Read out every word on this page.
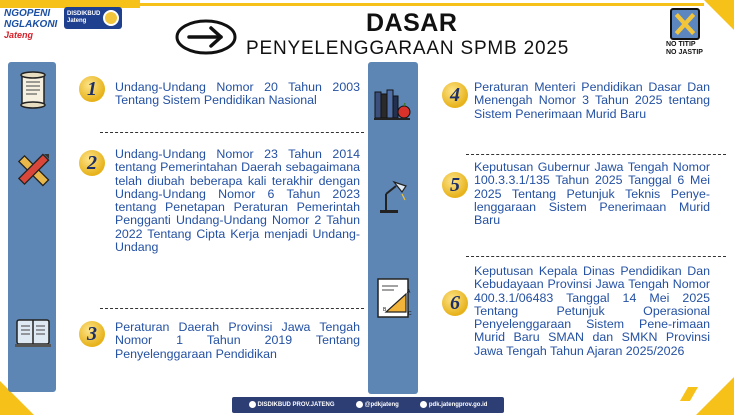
NGOPENI
NGLAKONI
Jateng
DISDIKBUD
Jateng	DASAR
PENYELENGGARAAN SPMB 2025	NO TITIP
NO JASTIP
B
A
C
1
2
3
4
5
6
Undang-Undang Nomor 20 Tahun 2003 Tentang Sistem Pendidikan Nasional
Undang-Undang Nomor 23 Tahun 2014 tentang Pemerintahan Daerah sebagaimana telah diubah beberapa kali terakhir dengan Undang-Undang Nomor 6 Tahun 2023 tentang Penetapan Peraturan Pemerintah Pengganti Undang-Undang Nomor 2 Tahun 2022 Tentang Cipta Kerja menjadi Undang-Undang
Peraturan Daerah Provinsi Jawa Tengah Nomor 1 Tahun 2019 Tentang Penyelenggaraan Pendidikan
Peraturan Menteri Pendidikan Dasar Dan Menengah Nomor 3 Tahun 2025 tentang Sistem Penerimaan Murid Baru
Keputusan Gubernur Jawa Tengah Nomor 100.3.3.1/135 Tahun 2025 Tanggal 6 Mei 2025 Tentang Petunjuk Teknis Penye-lenggaraan Sistem Penerimaan Murid Baru
Keputusan Kepala Dinas Pendidikan Dan Kebudayaan Provinsi Jawa Tengah Nomor 400.3.1/06483 Tanggal 14 Mei 2025 Tentang Petunjuk Operasional Penyelenggaraan Sistem Pene-rimaan Murid Baru SMAN dan SMKN Provinsi Jawa Tengah Tahun Ajaran 2025/2026
DISDIKBUD PROV.JATENG	@pdkjateng	pdk.jatengprov.go.id
